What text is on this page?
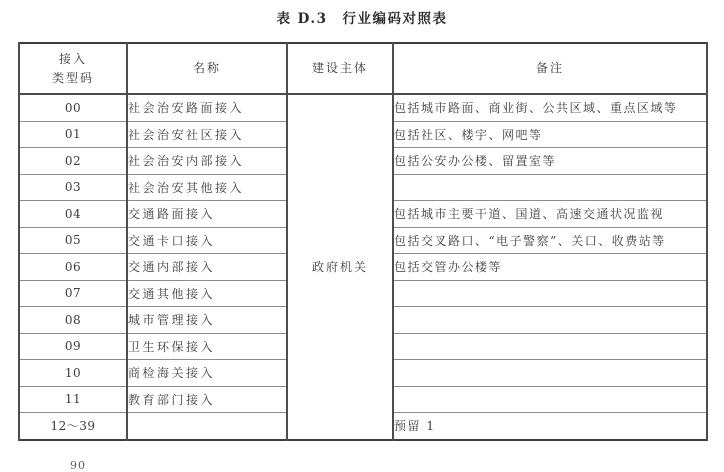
表 D.3　行业编码对照表
接入
类型码	名称	建设主体	备注
00	社会治安路面接入	政府机关	包括城市路面、商业街、公共区域、重点区域等
01	社会治安社区接入		包括社区、楼宇、网吧等
02	社会治安内部接入		包括公安办公楼、留置室等
03	社会治安其他接入		
04	交通路面接入		包括城市主要干道、国道、高速交通状况监视
05	交通卡口接入		包括交叉路口、“电子警察”、关口、收费站等
06	交通内部接入		包括交管办公楼等
07	交通其他接入		
08	城市管理接入		
09	卫生环保接入		
10	商检海关接入		
11	教育部门接入		
12～39			预留 1
90
